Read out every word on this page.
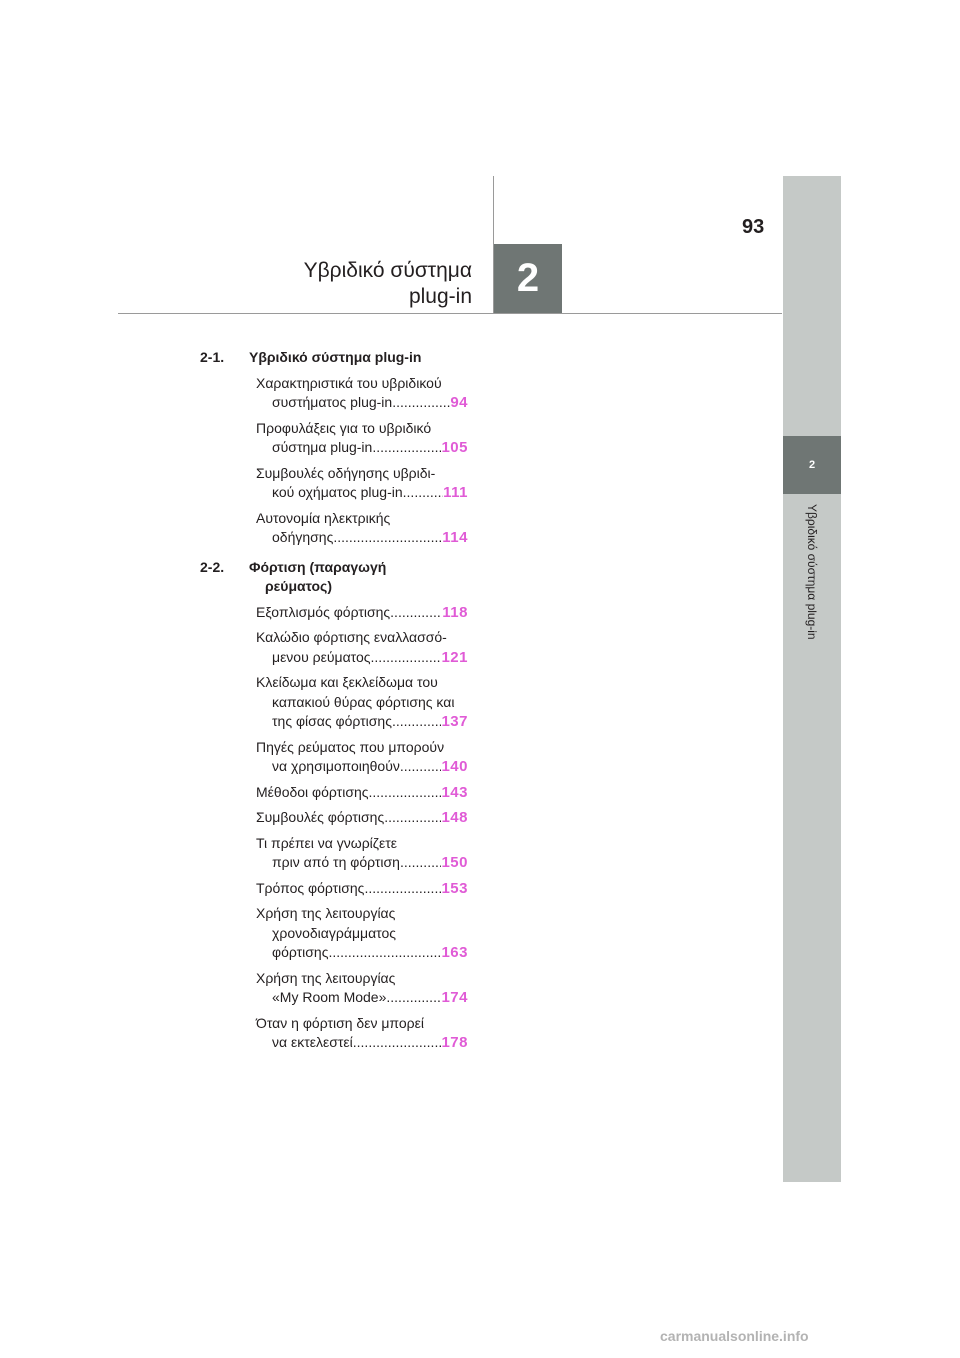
93
Υβριδικό σύστημα
plug-in	2
2
Υβριδικό σύστημα plug-in
2-1.	Υβριδικό σύστημα plug-in
Χαρακτηριστικά του υβριδικού
συστήματος plug-in .....	94
Προφυλάξεις για το υβριδικό
σύστημα plug-in .....	105
Συμβουλές οδήγησης υβριδι-
κού οχήματος plug-in .....	111
Αυτονομία ηλεκτρικής
οδήγησης .....	114
2-2.	Φόρτιση (παραγωγή
ρεύματος)
Εξοπλισμός φόρτισης .....	118
Καλώδιο φόρτισης εναλλασσό-
μενου ρεύματος .....	121
Κλείδωμα και ξεκλείδωμα του
καπακιού θύρας φόρτισης και
της φίσας φόρτισης .....	137
Πηγές ρεύματος που μπορούν
να χρησιμοποιηθούν .....	140
Μέθοδοι φόρτισης .....	143
Συμβουλές φόρτισης .....	148
Τι πρέπει να γνωρίζετε
πριν από τη φόρτιση .....	150
Τρόπος φόρτισης .....	153
Χρήση της λειτουργίας
χρονοδιαγράμματος
φόρτισης .....	163
Χρήση της λειτουργίας
«My Room Mode» .....	174
Όταν η φόρτιση δεν μπορεί
να εκτελεστεί .....	178
carmanualsonline.info
